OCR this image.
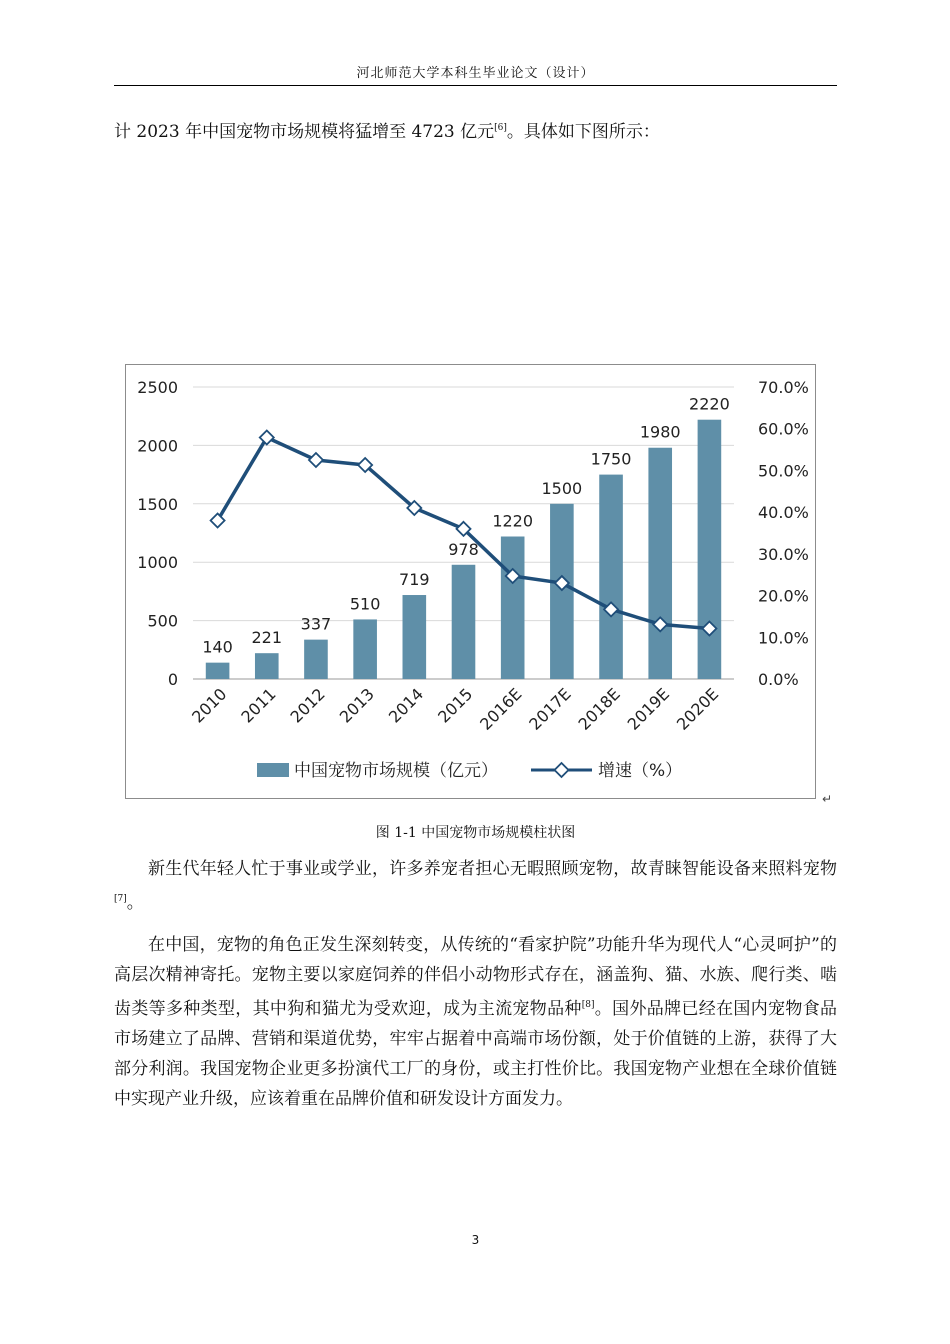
河北师范大学本科生毕业论文（设计）
计 2023 年中国宠物市场规模将猛增至 4723 亿元[6]。具体如下图所示：
2500
2000
1500
1000
500
0
70.0%
60.0%
50.0%
40.0%
30.0%
20.0%
10.0%
0.0%
140 221
337
510
719
978
1220
1500
1750
1980
2220
2010 2011 2012 2013 2014 2015 2016E 2017E 2018E 2019E 2020E
中国宠物市场规模（亿元）	增速（%）
↵
图 1-1 中国宠物市场规模柱状图
新生代年轻人忙于事业或学业，许多养宠者担心无暇照顾宠物，故青睐智能设备来照料宠物[7]。
在中国，宠物的角色正发生深刻转变，从传统的“看家护院”功能升华为现代人“心灵呵护”的高层次精神寄托。宠物主要以家庭饲养的伴侣小动物形式存在，涵盖狗、猫、水族、爬行类、啮齿类等多种类型，其中狗和猫尤为受欢迎，成为主流宠物品种[8]。国外品牌已经在国内宠物食品市场建立了品牌、营销和渠道优势，牢牢占据着中高端市场份额，处于价值链的上游，获得了大部分利润。我国宠物企业更多扮演代工厂的身份，或主打性价比。我国宠物产业想在全球价值链中实现产业升级，应该着重在品牌价值和研发设计方面发力。
3
